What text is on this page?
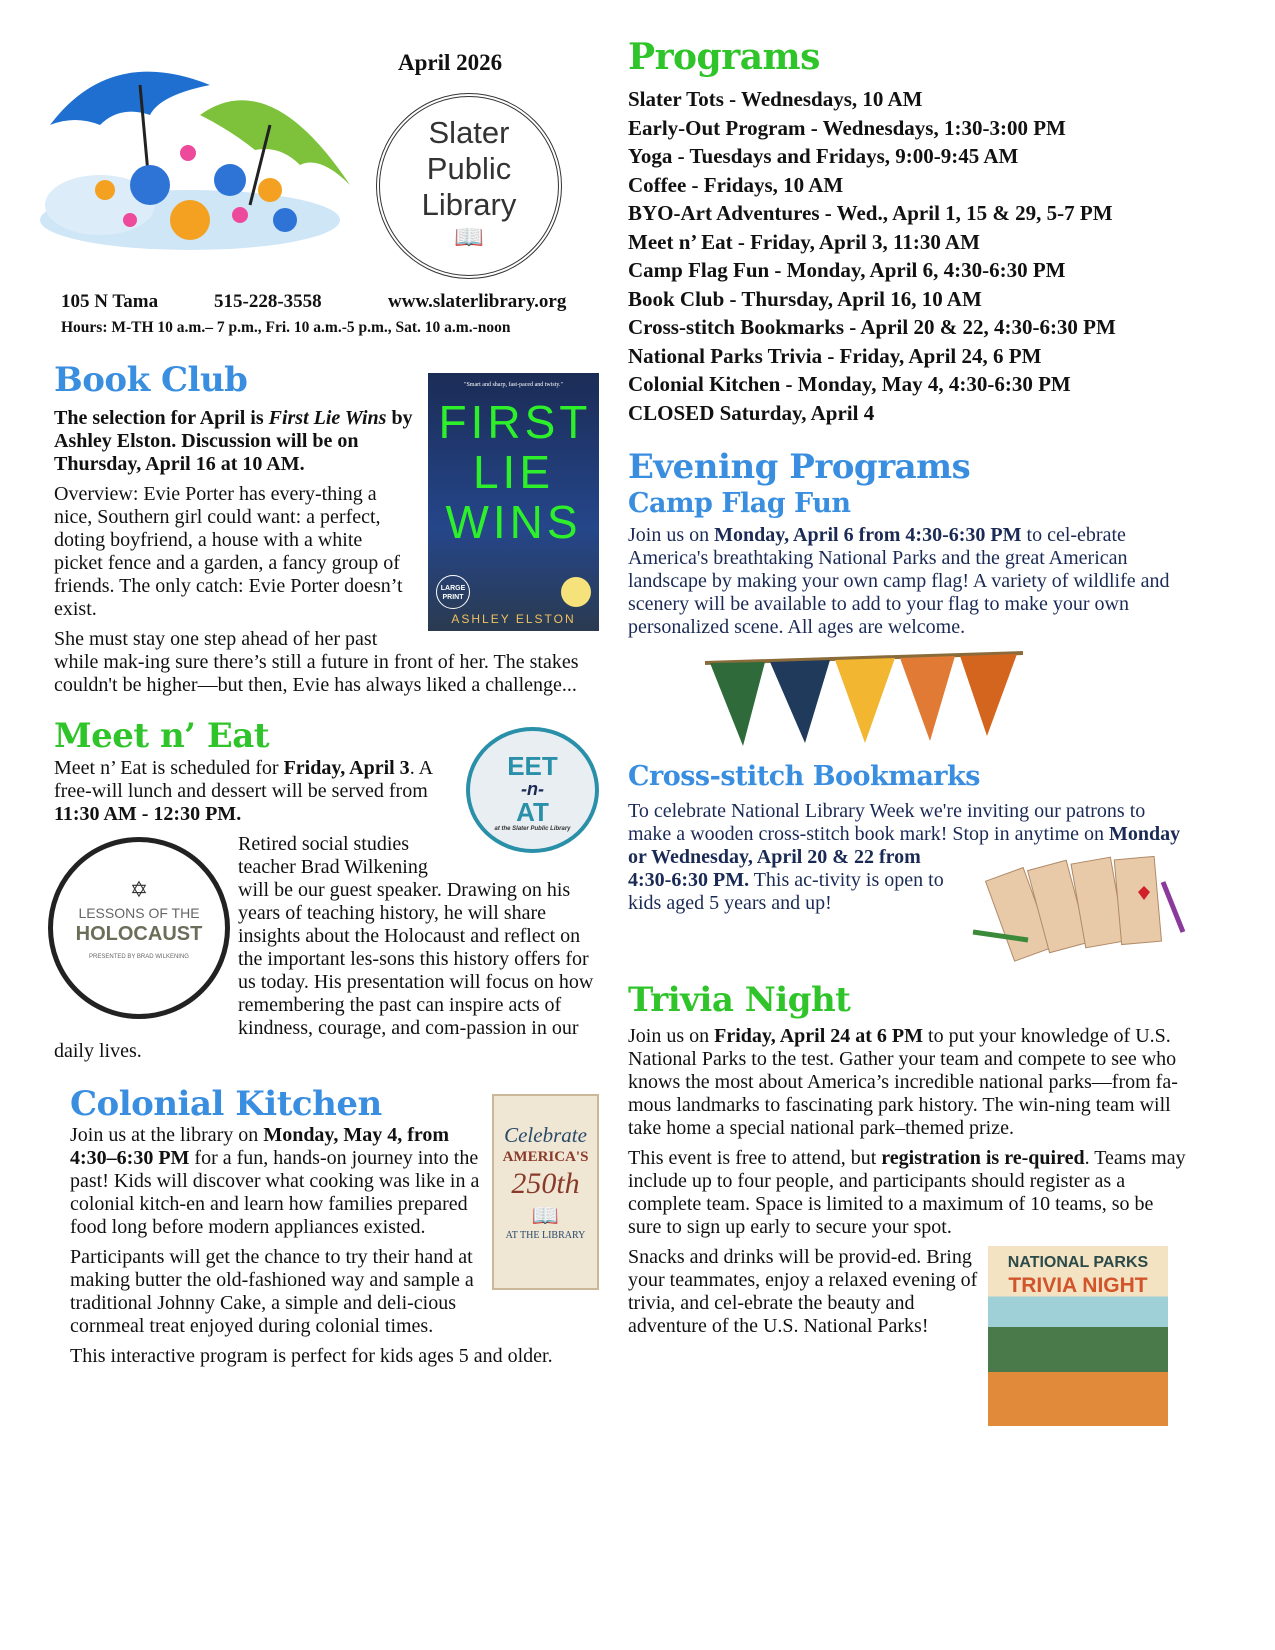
April 2026
Slater
Public
Library
📖
105 N Tama	515-228-3558	www.slaterlibrary.org
Hours: M-TH 10 a.m.– 7 p.m., Fri. 10 a.m.-5 p.m., Sat. 10 a.m.-noon
Book Club	"Smart and sharp, fast-paced and twisty."
FIRST LIE WINS
LARGE PRINT
ASHLEY ELSTON
The selection for April is First Lie Wins by Ashley Elston. Discussion will be on Thursday, April 16 at 10 AM.
Overview: Evie Porter has every-thing a nice, Southern girl could want: a perfect, doting boyfriend, a house with a white picket fence and a garden, a fancy group of friends. The only catch: Evie Porter doesn’t exist.
She must stay one step ahead of her past while mak-ing sure there’s still a future in front of her. The stakes couldn't be higher—but then, Evie has always liked a challenge...
Meet n’ Eat
EET
-n-
AT
at the Slater Public Library
Meet n’ Eat is scheduled for Friday, April 3. A free-will lunch and dessert will be served from 11:30 AM - 12:30 PM.
✡
LESSONS OF THE
HOLOCAUST
PRESENTED BY BRAD WILKENING
Retired social studies teacher Brad Wilkening will be our guest speaker. Drawing on his years of teaching history, he will share insights about the Holocaust and reflect on the important les-sons this history offers for us today. His presentation will focus on how remembering the past can inspire acts of kindness, courage, and com-passion in our daily lives.
Colonial Kitchen
Celebrate
AMERICA'S
250th
📖
AT THE LIBRARY
Join us at the library on Monday, May 4, from 4:30–6:30 PM for a fun, hands-on journey into the past! Kids will discover what cooking was like in a colonial kitch-en and learn how families prepared food long before modern appliances existed.
Participants will get the chance to try their hand at making butter the old-fashioned way and sample a traditional Johnny Cake, a simple and deli-cious cornmeal treat enjoyed during colonial times.
This interactive program is perfect for kids ages 5 and older.
Programs
Slater Tots - Wednesdays, 10 AM
Early-Out Program - Wednesdays, 1:30-3:00 PM
Yoga - Tuesdays and Fridays, 9:00-9:45 AM
Coffee - Fridays, 10 AM
BYO-Art Adventures - Wed., April 1, 15 & 29, 5-7 PM
Meet n’ Eat - Friday, April 3, 11:30 AM
Camp Flag Fun - Monday, April 6, 4:30-6:30 PM
Book Club - Thursday, April 16, 10 AM
Cross-stitch Bookmarks - April 20 & 22, 4:30-6:30 PM
National Parks Trivia - Friday, April 24, 6 PM
Colonial Kitchen - Monday, May 4, 4:30-6:30 PM
CLOSED Saturday, April 4
Evening Programs
Camp Flag Fun
Join us on Monday, April 6 from 4:30-6:30 PM to cel-ebrate America's breathtaking National Parks and the great American landscape by making your own camp flag! A variety of wildlife and scenery will be available to add to your flag to make your own personalized scene. All ages are welcome.
Cross-stitch Bookmarks
To celebrate National Library Week we're inviting our patrons to make a wooden cross-stitch book mark! Stop in anytime on
Monday or Wednesday, April 20 & 22 from 4:30-6:30 PM. This ac-tivity is open to kids aged 5 years and up!
Trivia Night
Join us on Friday, April 24 at 6 PM to put your knowledge of U.S. National Parks to the test. Gather your team and compete to see who knows the most about America’s incredible national parks—from fa-mous landmarks to fascinating park history. The win-ning team will take home a special national park–themed prize.
This event is free to attend, but registration is re-quired. Teams may include up to four people, and participants should register as a complete team. Space is limited to a maximum of 10 teams, so be sure to sign up early to secure your spot.
NATIONAL PARKS
TRIVIA NIGHT
Snacks and drinks will be provid-ed. Bring your teammates, enjoy a relaxed evening of trivia, and cel-ebrate the beauty and adventure of the U.S. National Parks!
